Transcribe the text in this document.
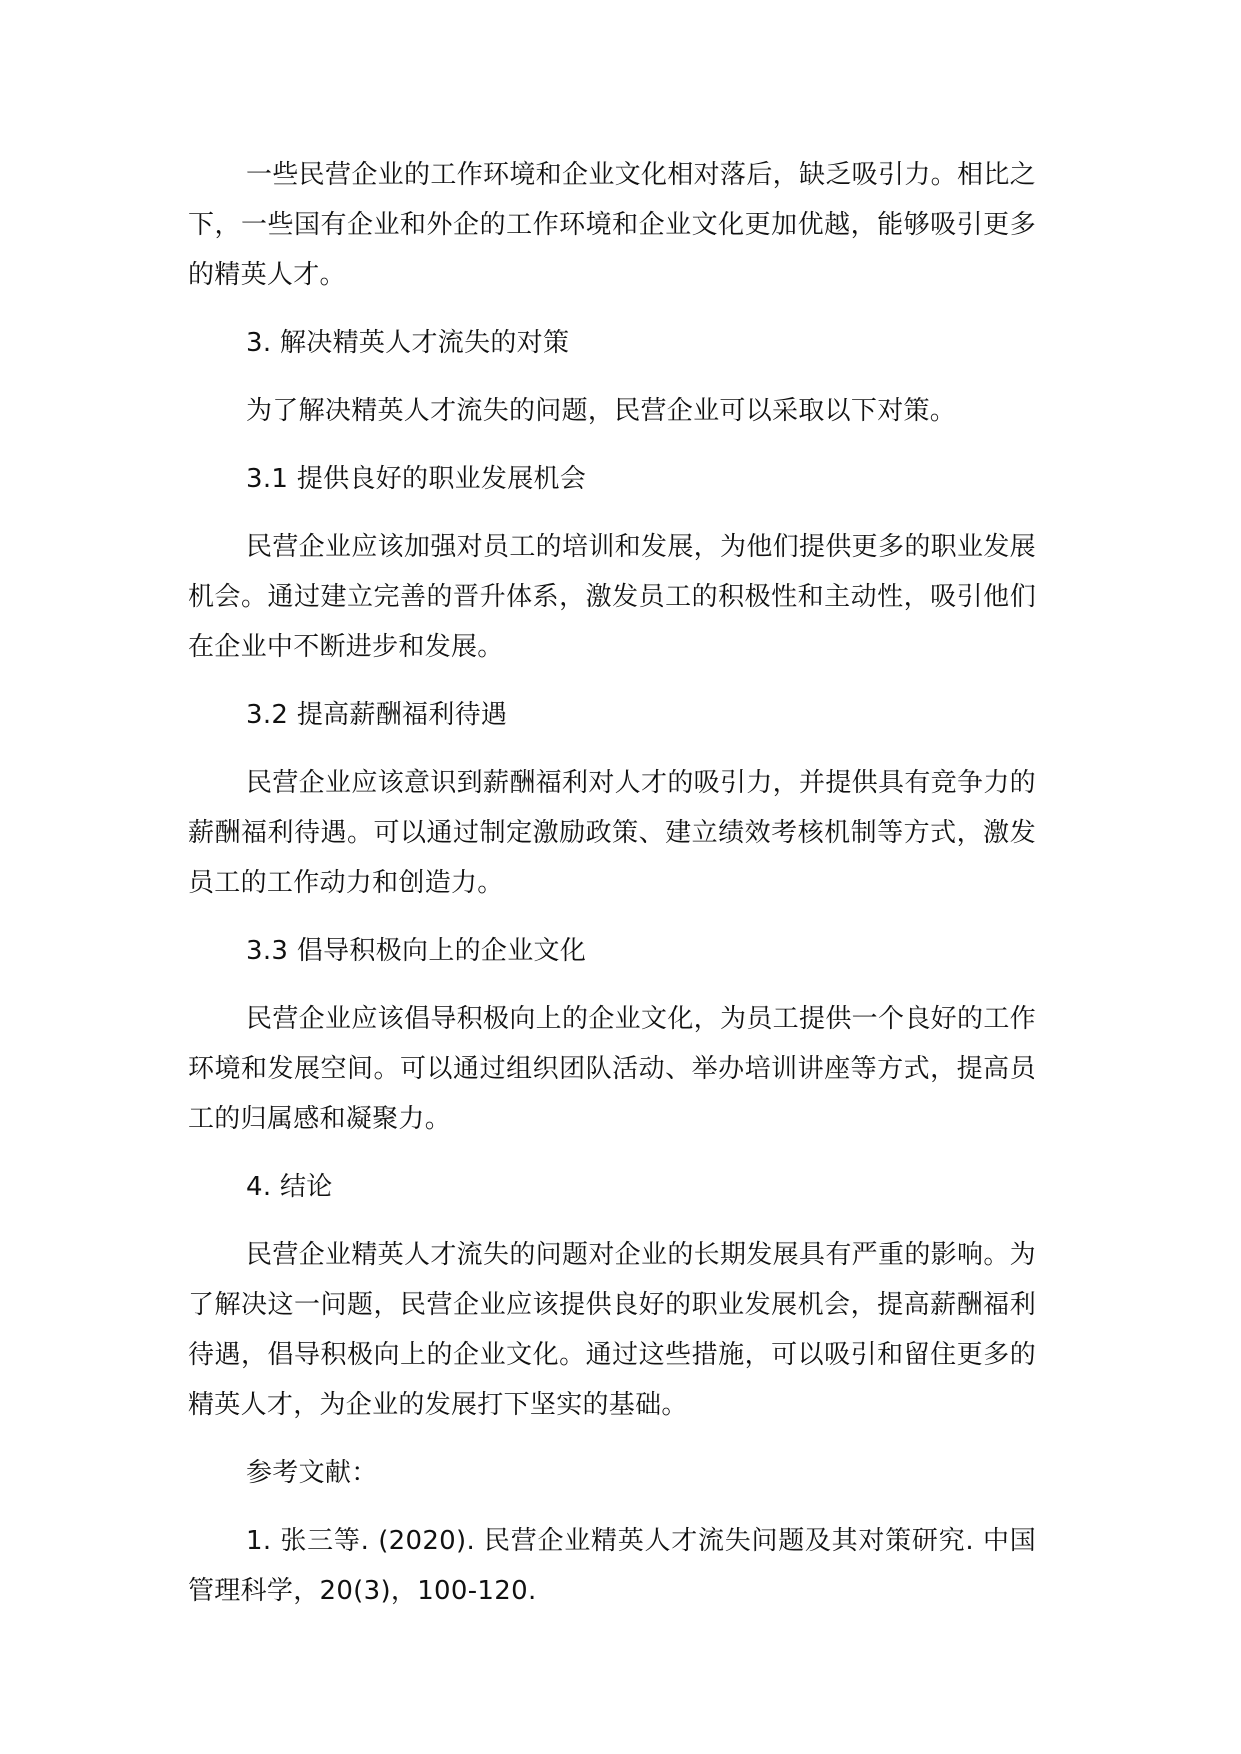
一些民营企业的工作环境和企业文化相对落后，缺乏吸引力。相比之下，一些国有企业和外企的工作环境和企业文化更加优越，能够吸引更多的精英人才。

3. 解决精英人才流失的对策

为了解决精英人才流失的问题，民营企业可以采取以下对策。

3.1 提供良好的职业发展机会

民营企业应该加强对员工的培训和发展，为他们提供更多的职业发展机会。通过建立完善的晋升体系，激发员工的积极性和主动性，吸引他们在企业中不断进步和发展。

3.2 提高薪酬福利待遇

民营企业应该意识到薪酬福利对人才的吸引力，并提供具有竞争力的薪酬福利待遇。可以通过制定激励政策、建立绩效考核机制等方式，激发员工的工作动力和创造力。

3.3 倡导积极向上的企业文化

民营企业应该倡导积极向上的企业文化，为员工提供一个良好的工作环境和发展空间。可以通过组织团队活动、举办培训讲座等方式，提高员工的归属感和凝聚力。

4. 结论

民营企业精英人才流失的问题对企业的长期发展具有严重的影响。为了解决这一问题，民营企业应该提供良好的职业发展机会，提高薪酬福利待遇，倡导积极向上的企业文化。通过这些措施，可以吸引和留住更多的精英人才，为企业的发展打下坚实的基础。

参考文献：

1. 张三等. (2020). 民营企业精英人才流失问题及其对策研究. 中国管理科学，20(3)，100-120.
